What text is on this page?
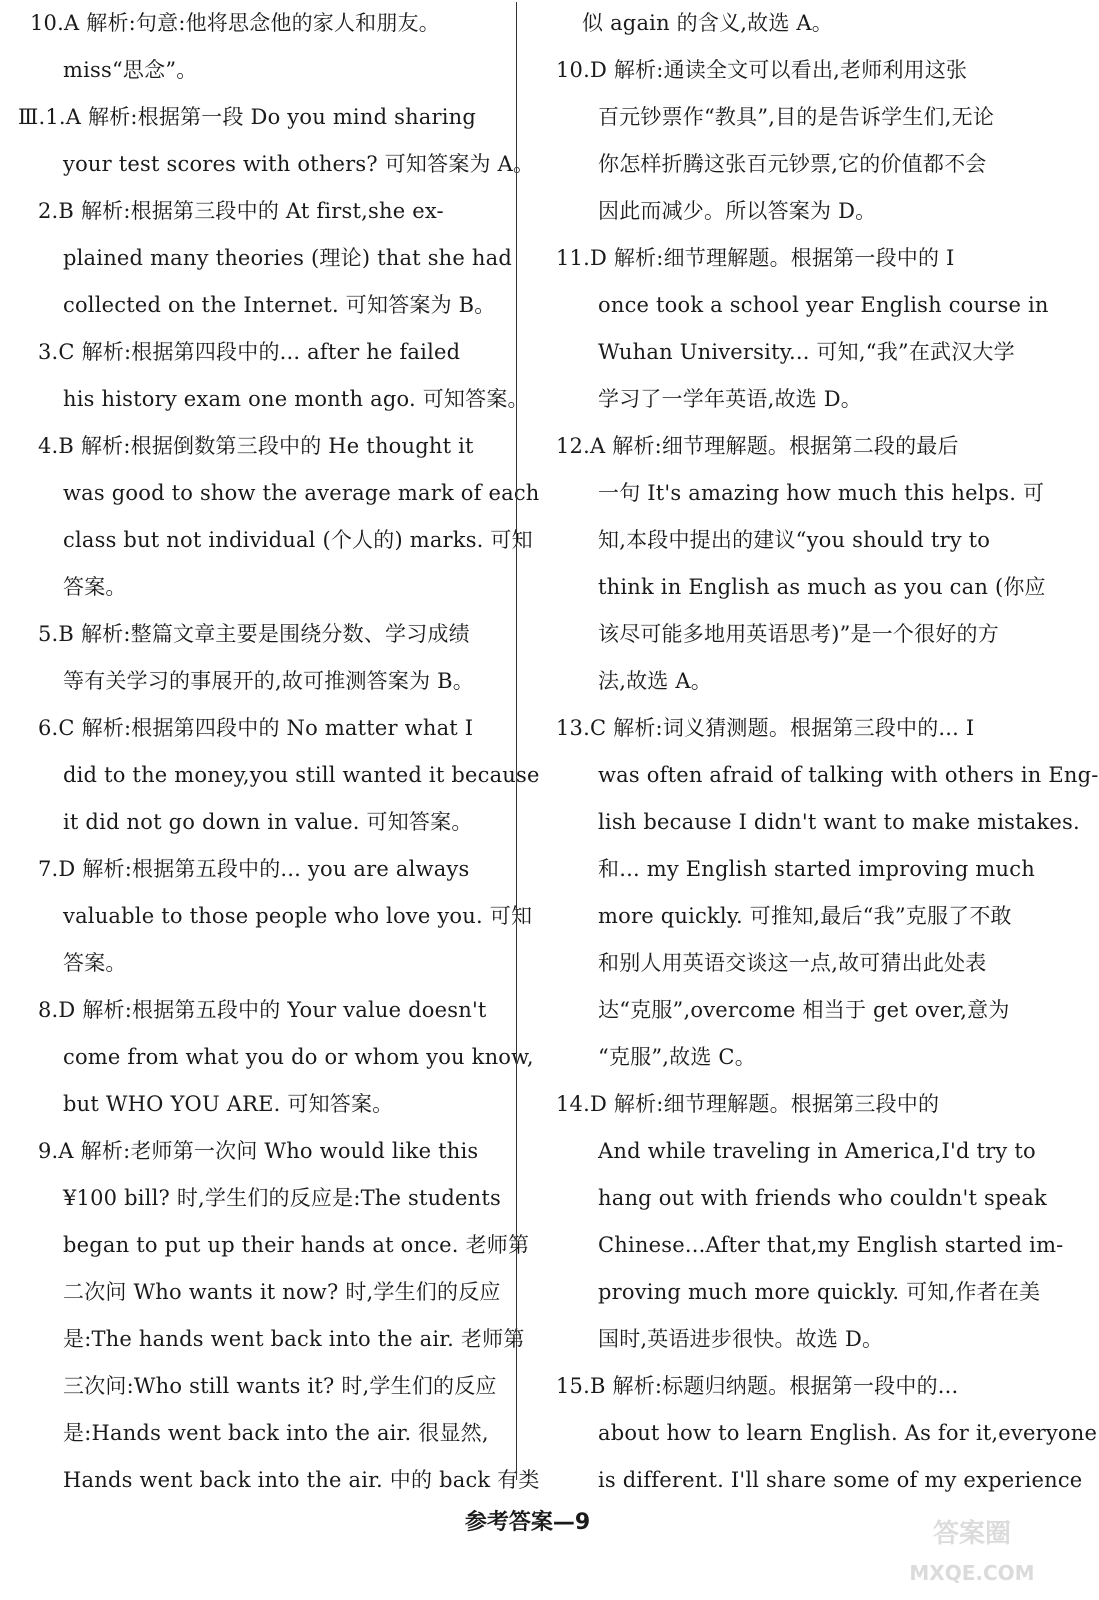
10.A 解析:句意:他将思念他的家人和朋友。
miss“思念”。
Ⅲ.1.A 解析:根据第一段 Do you mind sharing
your test scores with others? 可知答案为 A。
2.B 解析:根据第三段中的 At first,she ex-
plained many theories (理论) that she had
collected on the Internet. 可知答案为 B。
3.C 解析:根据第四段中的... after he failed
his history exam one month ago. 可知答案。
4.B 解析:根据倒数第三段中的 He thought it
was good to show the average mark of each
class but not individual (个人的) marks. 可知
答案。
5.B 解析:整篇文章主要是围绕分数、学习成绩
等有关学习的事展开的,故可推测答案为 B。
6.C 解析:根据第四段中的 No matter what I
did to the money,you still wanted it because
it did not go down in value. 可知答案。
7.D 解析:根据第五段中的... you are always
valuable to those people who love you. 可知
答案。
8.D 解析:根据第五段中的 Your value doesn't
come from what you do or whom you know,
but WHO YOU ARE. 可知答案。
9.A 解析:老师第一次问 Who would like this
¥100 bill? 时,学生们的反应是:The students
began to put up their hands at once. 老师第
二次问 Who wants it now? 时,学生们的反应
是:The hands went back into the air. 老师第
三次问:Who still wants it? 时,学生们的反应
是:Hands went back into the air. 很显然,
Hands went back into the air. 中的 back 有类
似 again 的含义,故选 A。
10.D 解析:通读全文可以看出,老师利用这张
百元钞票作“教具”,目的是告诉学生们,无论
你怎样折腾这张百元钞票,它的价值都不会
因此而减少。所以答案为 D。
11.D 解析:细节理解题。根据第一段中的 I
once took a school year English course in
Wuhan University... 可知,“我”在武汉大学
学习了一学年英语,故选 D。
12.A 解析:细节理解题。根据第二段的最后
一句 It's amazing how much this helps. 可
知,本段中提出的建议“you should try to
think in English as much as you can (你应
该尽可能多地用英语思考)”是一个很好的方
法,故选 A。
13.C 解析:词义猜测题。根据第三段中的... I
was often afraid of talking with others in Eng-
lish because I didn't want to make mistakes.
和... my English started improving much
more quickly. 可推知,最后“我”克服了不敢
和别人用英语交谈这一点,故可猜出此处表
达“克服”,overcome 相当于 get over,意为
“克服”,故选 C。
14.D 解析:细节理解题。根据第三段中的
And while traveling in America,I'd try to
hang out with friends who couldn't speak
Chinese...After that,my English started im-
proving much more quickly. 可知,作者在美
国时,英语进步很快。故选 D。
15.B 解析:标题归纳题。根据第一段中的...
about how to learn English. As for it,everyone
is different. I'll share some of my experience
参考答案—9	答案圈
MXQE.COM
